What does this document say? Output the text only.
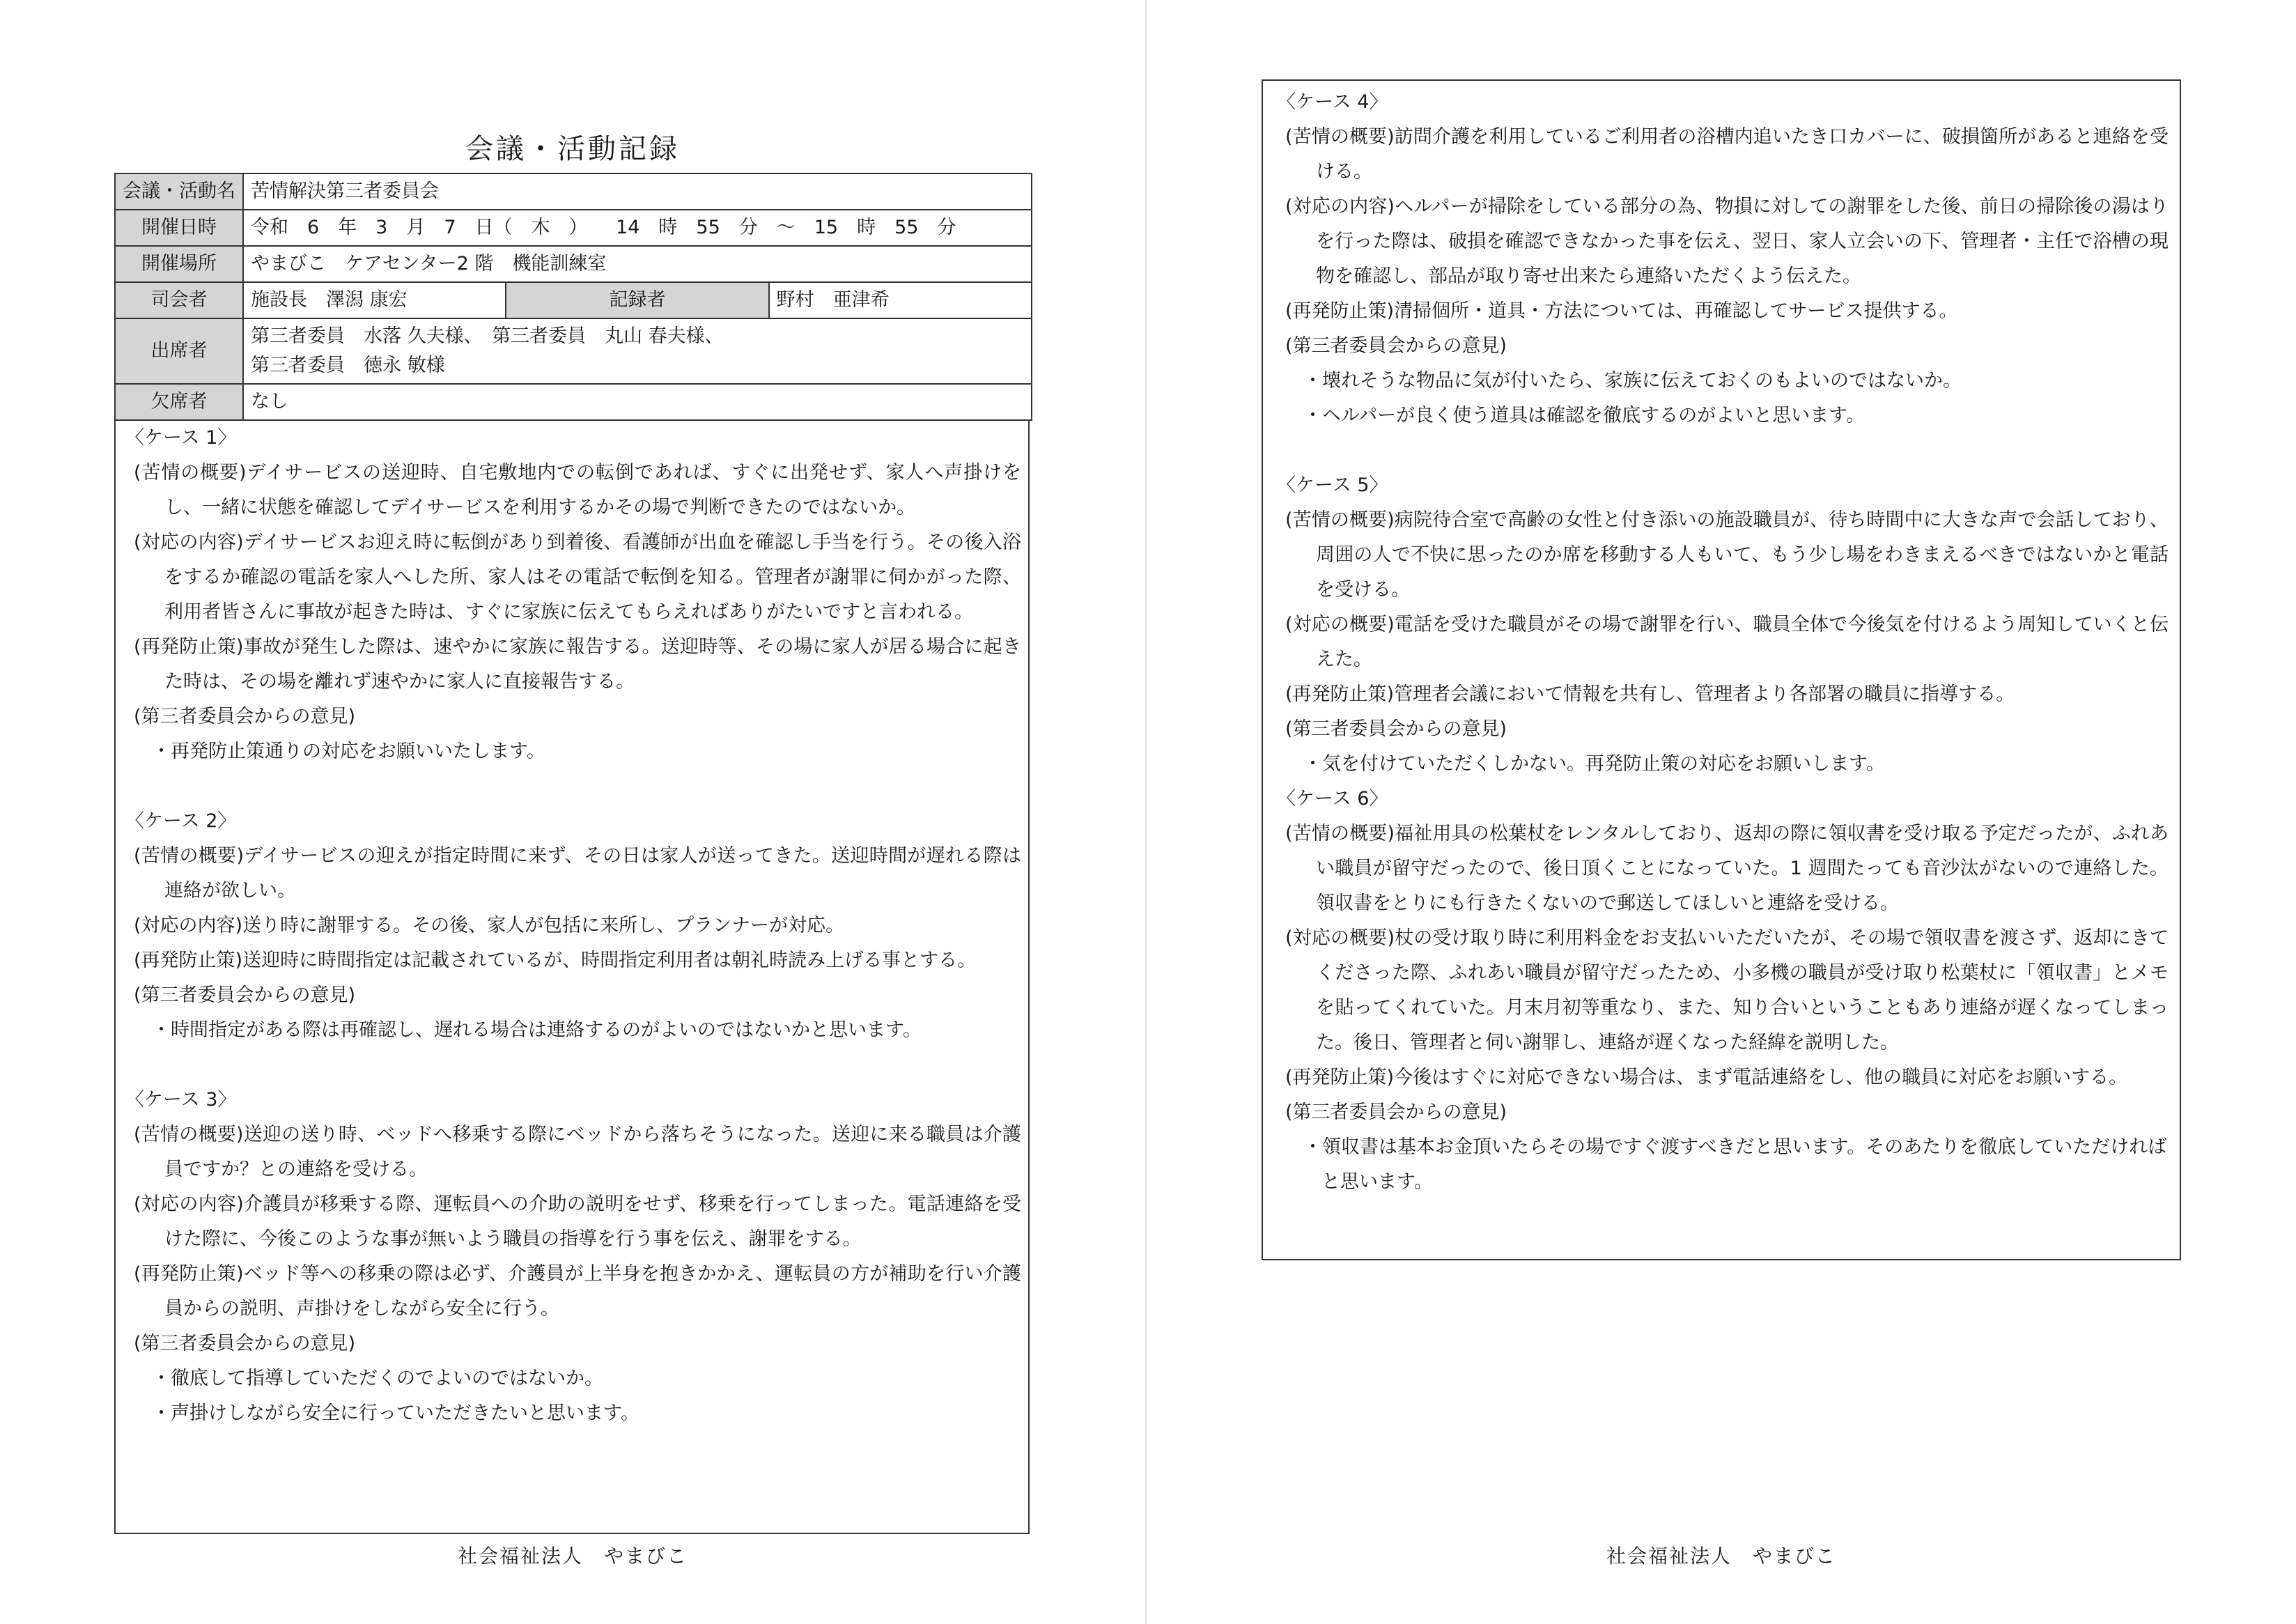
会議・活動記録
会議・活動名	苦情解決第三者委員会		
開催日時	令和　6　年　3　月　7　日（　木　）　　14　時　55　分　～　15　時　55　分		
開催場所	やまびこ　ケアセンター2 階　機能訓練室		
司会者	施設長　澤潟 康宏	記録者	野村　亜津希
出席者	第三者委員　水落 久夫様、　第三者委員　丸山 春夫様、
第三者委員　徳永 敏様		

欠席者	なし		
〈ケース 1〉
(苦情の概要)デイサービスの送迎時、自宅敷地内での転倒であれば、すぐに出発せず、家人へ声掛けをし、一緒に状態を確認してデイサービスを利用するかその場で判断できたのではないか。
(対応の内容)デイサービスお迎え時に転倒があり到着後、看護師が出血を確認し手当を行う。その後入浴をするか確認の電話を家人へした所、家人はその電話で転倒を知る。管理者が謝罪に伺かがった際、利用者皆さんに事故が起きた時は、すぐに家族に伝えてもらえればありがたいですと言われる。
(再発防止策)事故が発生した際は、速やかに家族に報告する。送迎時等、その場に家人が居る場合に起きた時は、その場を離れず速やかに家人に直接報告する。
(第三者委員会からの意見)
・再発防止策通りの対応をお願いいたします。
〈ケース 2〉
(苦情の概要)デイサービスの迎えが指定時間に来ず、その日は家人が送ってきた。送迎時間が遅れる際は連絡が欲しい。
(対応の内容)送り時に謝罪する。その後、家人が包括に来所し、プランナーが対応。
(再発防止策)送迎時に時間指定は記載されているが、時間指定利用者は朝礼時読み上げる事とする。
(第三者委員会からの意見)
・時間指定がある際は再確認し、遅れる場合は連絡するのがよいのではないかと思います。
〈ケース 3〉
(苦情の概要)送迎の送り時、ベッドへ移乗する際にベッドから落ちそうになった。送迎に来る職員は介護員ですか？との連絡を受ける。
(対応の内容)介護員が移乗する際、運転員への介助の説明をせず、移乗を行ってしまった。電話連絡を受けた際に、今後このような事が無いよう職員の指導を行う事を伝え、謝罪をする。
(再発防止策)ベッド等への移乗の際は必ず、介護員が上半身を抱きかかえ、運転員の方が補助を行い介護員からの説明、声掛けをしながら安全に行う。
(第三者委員会からの意見)
・徹底して指導していただくのでよいのではないか。
・声掛けしながら安全に行っていただきたいと思います。
社会福祉法人　やまびこ
〈ケース 4〉
(苦情の概要)訪問介護を利用しているご利用者の浴槽内追いたき口カバーに、破損箇所があると連絡を受ける。
(対応の内容)ヘルパーが掃除をしている部分の為、物損に対しての謝罪をした後、前日の掃除後の湯はりを行った際は、破損を確認できなかった事を伝え、翌日、家人立会いの下、管理者・主任で浴槽の現物を確認し、部品が取り寄せ出来たら連絡いただくよう伝えた。
(再発防止策)清掃個所・道具・方法については、再確認してサービス提供する。
(第三者委員会からの意見)
・壊れそうな物品に気が付いたら、家族に伝えておくのもよいのではないか。
・ヘルパーが良く使う道具は確認を徹底するのがよいと思います。
〈ケース 5〉
(苦情の概要)病院待合室で高齢の女性と付き添いの施設職員が、待ち時間中に大きな声で会話しており、周囲の人で不快に思ったのか席を移動する人もいて、もう少し場をわきまえるべきではないかと電話を受ける。
(対応の概要)電話を受けた職員がその場で謝罪を行い、職員全体で今後気を付けるよう周知していくと伝えた。
(再発防止策)管理者会議において情報を共有し、管理者より各部署の職員に指導する。
(第三者委員会からの意見)
・気を付けていただくしかない。再発防止策の対応をお願いします。
〈ケース 6〉
(苦情の概要)福祉用具の松葉杖をレンタルしており、返却の際に領収書を受け取る予定だったが、ふれあい職員が留守だったので、後日頂くことになっていた。1 週間たっても音沙汰がないので連絡した。領収書をとりにも行きたくないので郵送してほしいと連絡を受ける。
(対応の概要)杖の受け取り時に利用料金をお支払いいただいたが、その場で領収書を渡さず、返却にきてくださった際、ふれあい職員が留守だったため、小多機の職員が受け取り松葉杖に「領収書」とメモを貼ってくれていた。月末月初等重なり、また、知り合いということもあり連絡が遅くなってしまった。後日、管理者と伺い謝罪し、連絡が遅くなった経緯を説明した。
(再発防止策)今後はすぐに対応できない場合は、まず電話連絡をし、他の職員に対応をお願いする。
(第三者委員会からの意見)
・領収書は基本お金頂いたらその場ですぐ渡すべきだと思います。そのあたりを徹底していただければと思います。
社会福祉法人　やまびこ
